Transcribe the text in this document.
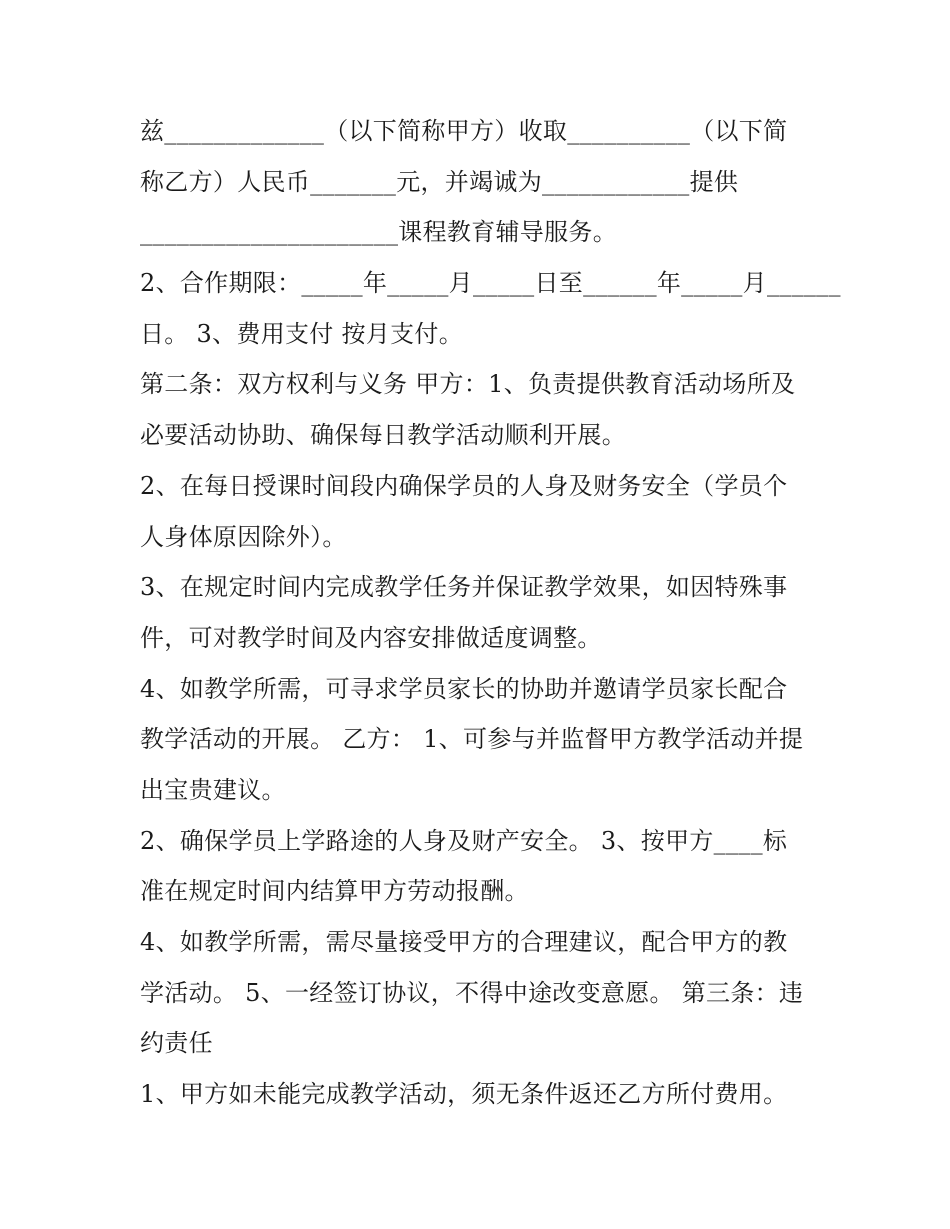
兹_____________（以下简称甲方）收取__________（以下简
称乙方）人民币_______元，并竭诚为____________提供
_____________________课程教育辅导服务。
2、合作期限：_____年_____月_____日至______年_____月______
日。 3、费用支付 按月支付。
第二条：双方权利与义务 甲方：1、负责提供教育活动场所及
必要活动协助、确保每日教学活动顺利开展。
2、在每日授课时间段内确保学员的人身及财务安全（学员个
人身体原因除外）。
3、在规定时间内完成教学任务并保证教学效果，如因特殊事
件，可对教学时间及内容安排做适度调整。
4、如教学所需，可寻求学员家长的协助并邀请学员家长配合
教学活动的开展。 乙方： 1、可参与并监督甲方教学活动并提
出宝贵建议。
2、确保学员上学路途的人身及财产安全。 3、按甲方____标
准在规定时间内结算甲方劳动报酬。
4、如教学所需，需尽量接受甲方的合理建议，配合甲方的教
学活动。 5、一经签订协议，不得中途改变意愿。 第三条：违
约责任
1、甲方如未能完成教学活动，须无条件返还乙方所付费用。
